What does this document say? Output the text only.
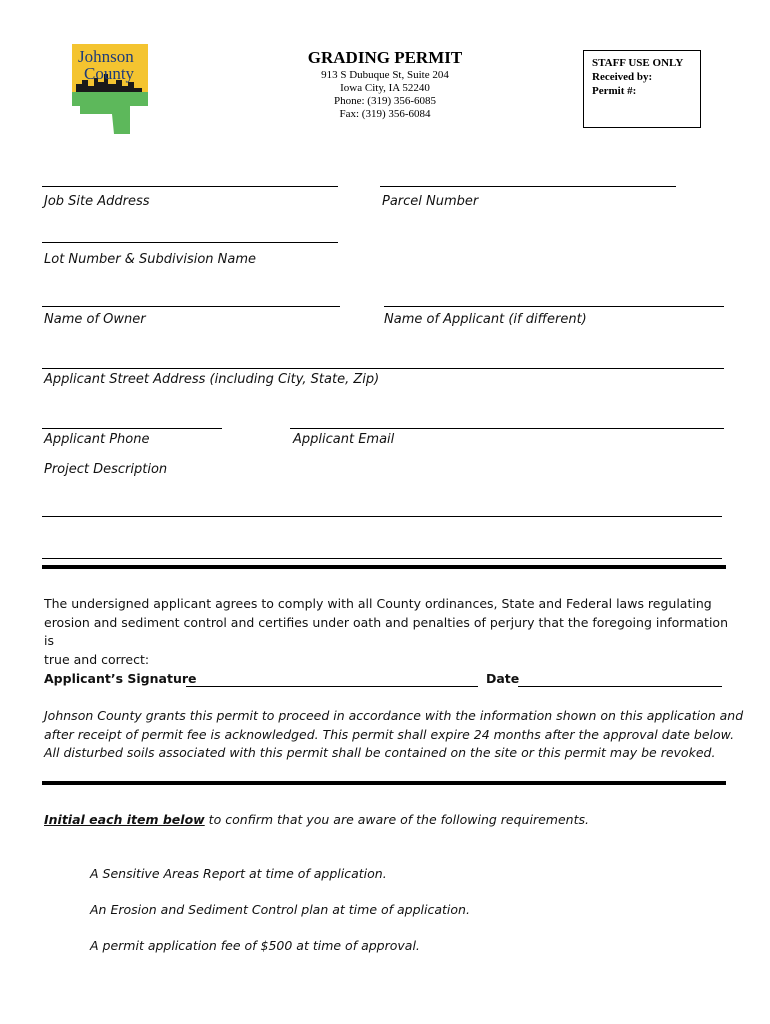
Johnson
County
GRADING PERMIT
913 S Dubuque St, Suite 204
Iowa City, IA 52240
Phone: (319) 356-6085
Fax: (319) 356-6084
STAFF USE ONLY
Received by:
Permit #:
Job Site Address	Parcel Number
Lot Number & Subdivision Name
Name of Owner	Name of Applicant (if different)
Applicant Street Address (including City, State, Zip)
Applicant Phone	Applicant Email
Project Description
The undersigned applicant agrees to comply with all County ordinances, State and Federal laws regulating
erosion and sediment control and certifies under oath and penalties of perjury that the foregoing information is
true and correct:
Applicant’s Signature	Date
Johnson County grants this permit to proceed in accordance with the information shown on this application and
after receipt of permit fee is acknowledged. This permit shall expire 24 months after the approval date below.
All disturbed soils associated with this permit shall be contained on the site or this permit may be revoked.
Initial each item below to confirm that you are aware of the following requirements.
A Sensitive Areas Report at time of application.
An Erosion and Sediment Control plan at time of application.
A permit application fee of $500 at time of approval.
